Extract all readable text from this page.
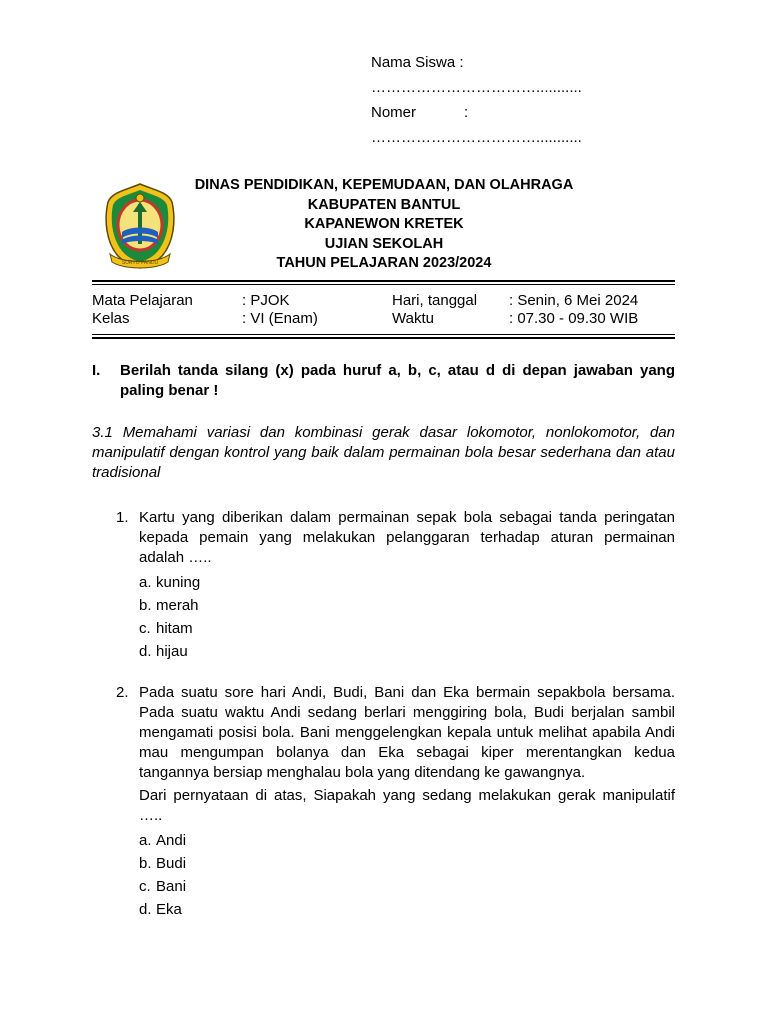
Nama Siswa :
……………………………...........
Nomer	:
……………………………...........
SURYO PANDU
DINAS PENDIDIKAN, KEPEMUDAAN, DAN OLAHRAGA
KABUPATEN BANTUL
KAPANEWON KRETEK
UJIAN SEKOLAH
TAHUN PELAJARAN 2023/2024
Mata Pelajaran
Kelas
: PJOK
: VI (Enam)
Hari, tanggal
Waktu
: Senin, 6 Mei 2024
: 07.30 - 09.30 WIB
I. Berilah tanda silang (x) pada huruf a, b, c, atau d di depan jawaban yang paling benar !
3.1 Memahami variasi dan kombinasi gerak dasar lokomotor, nonlokomotor, dan manipulatif dengan kontrol yang baik dalam permainan bola besar sederhana dan atau tradisional
1. Kartu yang diberikan dalam permainan sepak bola sebagai tanda peringatan kepada pemain yang melakukan pelanggaran terhadap aturan permainan adalah …..

a. kuning
b. merah
c. hitam
d. hijau
2. Pada suatu sore hari Andi, Budi, Bani dan Eka bermain sepakbola bersama. Pada suatu waktu Andi sedang berlari menggiring bola, Budi berjalan sambil mengamati posisi bola. Bani menggelengkan kepala untuk melihat apabila Andi mau mengumpan bolanya dan Eka sebagai kiper merentangkan kedua tangannya bersiap menghalau bola yang ditendang ke gawangnya.

Dari pernyataan di atas, Siapakah yang sedang melakukan gerak manipulatif …..

a. Andi
b. Budi
c. Bani
d. Eka
